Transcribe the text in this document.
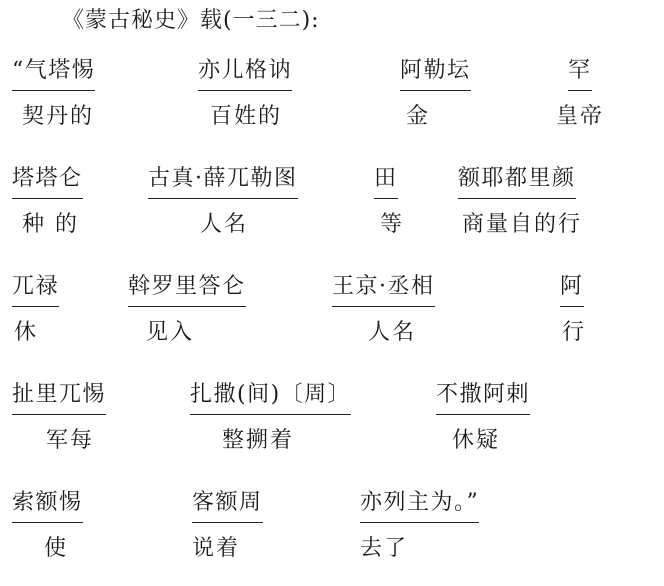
《蒙古秘史》载(一三二):
“气塔惕
契丹的
亦儿格讷
百姓的
阿勒坛
金
罕
皇帝
塔塔仑
种 的
古真·薛兀勒图
人名
田
等
额耶都里颜
商量自的行
兀禄
休
斡罗里答仑
见入
王京·丞相
人名
阿
行
扯里兀惕
军每
扎撒(间)〔周〕
整搠着
不撒阿剌
休疑
索额惕
使
客额周
说着
亦列主为。”
去了
